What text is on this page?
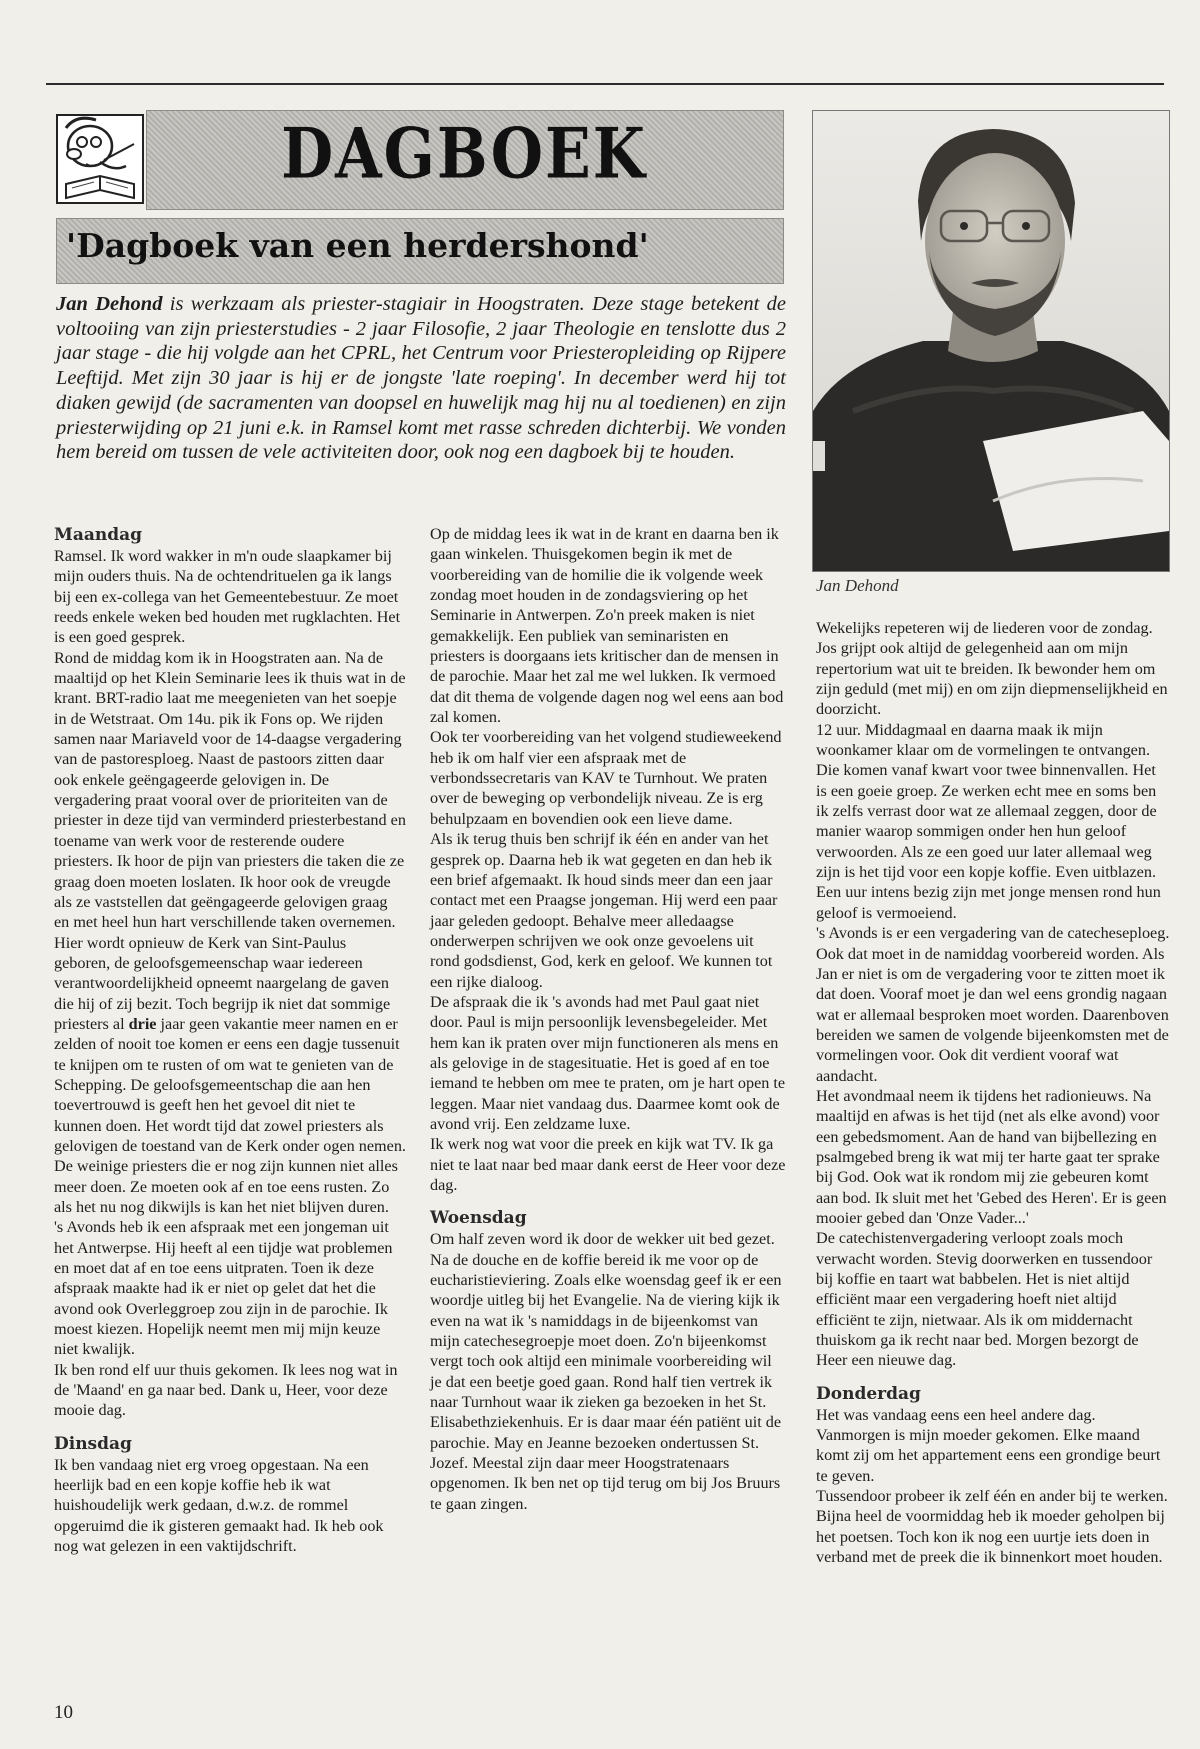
DAGBOEK
'Dagboek van een herdershond'
Jan Dehond
Jan Dehond is werkzaam als priester-stagiair in Hoogstraten. Deze stage betekent de voltooiing van zijn priesterstudies - 2 jaar Filosofie, 2 jaar Theologie en tenslotte dus 2 jaar stage - die hij volgde aan het CPRL, het Centrum voor Priesteropleiding op Rijpere Leeftijd. Met zijn 30 jaar is hij er de jongste 'late roeping'. In december werd hij tot diaken gewijd (de sacramenten van doopsel en huwelijk mag hij nu al toedienen) en zijn priesterwijding op 21 juni e.k. in Ramsel komt met rasse schreden dichterbij. We vonden hem bereid om tussen de vele activiteiten door, ook nog een dagboek bij te houden.
Maandag

Ramsel. Ik word wakker in m'n oude slaapkamer bij mijn ouders thuis. Na de ochtendrituelen ga ik langs bij een ex-collega van het Gemeentebestuur. Ze moet reeds enkele weken bed houden met rugklachten. Het is een goed gesprek.

Rond de middag kom ik in Hoogstraten aan. Na de maaltijd op het Klein Seminarie lees ik thuis wat in de krant. BRT-radio laat me meegenieten van het soepje in de Wetstraat. Om 14u. pik ik Fons op. We rijden samen naar Mariaveld voor de 14-daagse vergadering van de pastoresploeg. Naast de pastoors zitten daar ook enkele geëngageerde gelovigen in. De vergadering praat vooral over de prioriteiten van de priester in deze tijd van verminderd priesterbestand en toename van werk voor de resterende oudere priesters. Ik hoor de pijn van priesters die taken die ze graag doen moeten loslaten. Ik hoor ook de vreugde als ze vaststellen dat geëngageerde gelovigen graag en met heel hun hart verschillende taken overnemen. Hier wordt opnieuw de Kerk van Sint-Paulus geboren, de geloofsgemeenschap waar iedereen verantwoordelijkheid opneemt naargelang de gaven die hij of zij bezit. Toch begrijp ik niet dat sommige priesters al drie jaar geen vakantie meer namen en er zelden of nooit toe komen er eens een dagje tussenuit te knijpen om te rusten of om wat te genieten van de Schepping. De geloofsgemeentschap die aan hen toevertrouwd is geeft hen het gevoel dit niet te kunnen doen. Het wordt tijd dat zowel priesters als gelovigen de toestand van de Kerk onder ogen nemen. De weinige priesters die er nog zijn kunnen niet alles meer doen. Ze moeten ook af en toe eens rusten. Zo als het nu nog dikwijls is kan het niet blijven duren.

's Avonds heb ik een afspraak met een jongeman uit het Antwerpse. Hij heeft al een tijdje wat problemen en moet dat af en toe eens uitpraten. Toen ik deze afspraak maakte had ik er niet op gelet dat het die avond ook Overleggroep zou zijn in de parochie. Ik moest kiezen. Hopelijk neemt men mij mijn keuze niet kwalijk.

Ik ben rond elf uur thuis gekomen. Ik lees nog wat in de 'Maand' en ga naar bed. Dank u, Heer, voor deze mooie dag.

Dinsdag

Ik ben vandaag niet erg vroeg opgestaan. Na een heerlijk bad en een kopje koffie heb ik wat huishoudelijk werk gedaan, d.w.z. de rommel opgeruimd die ik gisteren gemaakt had. Ik heb ook nog wat gelezen in een vaktijdschrift.

Op de middag lees ik wat in de krant en daarna ben ik gaan winkelen. Thuisgekomen begin ik met de voorbereiding van de homilie die ik volgende week zondag moet houden in de zondagsviering op het Seminarie in Antwerpen. Zo'n preek maken is niet gemakkelijk. Een publiek van seminaristen en priesters is doorgaans iets kritischer dan de mensen in de parochie. Maar het zal me wel lukken. Ik vermoed dat dit thema de volgende dagen nog wel eens aan bod zal komen.

Ook ter voorbereiding van het volgend studieweekend heb ik om half vier een afspraak met de verbondssecretaris van KAV te Turnhout. We praten over de beweging op verbondelijk niveau. Ze is erg behulpzaam en bovendien ook een lieve dame.

Als ik terug thuis ben schrijf ik één en ander van het gesprek op. Daarna heb ik wat gegeten en dan heb ik een brief afgemaakt. Ik houd sinds meer dan een jaar contact met een Praagse jongeman. Hij werd een paar jaar geleden gedoopt. Behalve meer alledaagse onderwerpen schrijven we ook onze gevoelens uit rond godsdienst, God, kerk en geloof. We kunnen tot een rijke dialoog.

De afspraak die ik 's avonds had met Paul gaat niet door. Paul is mijn persoonlijk levensbegeleider. Met hem kan ik praten over mijn functioneren als mens en als gelovige in de stagesituatie. Het is goed af en toe iemand te hebben om mee te praten, om je hart open te leggen. Maar niet vandaag dus. Daarmee komt ook de avond vrij. Een zeldzame luxe.

Ik werk nog wat voor die preek en kijk wat TV. Ik ga niet te laat naar bed maar dank eerst de Heer voor deze dag.

Woensdag

Om half zeven word ik door de wekker uit bed gezet. Na de douche en de koffie bereid ik me voor op de eucharistieviering. Zoals elke woensdag geef ik er een woordje uitleg bij het Evangelie. Na de viering kijk ik even na wat ik 's namiddags in de bijeenkomst van mijn catechesegroepje moet doen. Zo'n bijeenkomst vergt toch ook altijd een minimale voorbereiding wil je dat een beetje goed gaan. Rond half tien vertrek ik naar Turnhout waar ik zieken ga bezoeken in het St. Elisabethziekenhuis. Er is daar maar één patiënt uit de parochie. May en Jeanne bezoeken ondertussen St. Jozef. Meestal zijn daar meer Hoogstratenaars opgenomen. Ik ben net op tijd terug om bij Jos Bruurs te gaan zingen.

Wekelijks repeteren wij de liederen voor de zondag. Jos grijpt ook altijd de gelegenheid aan om mijn repertorium wat uit te breiden. Ik bewonder hem om zijn geduld (met mij) en om zijn diepmenselijkheid en doorzicht.

12 uur. Middagmaal en daarna maak ik mijn woonkamer klaar om de vormelingen te ontvangen. Die komen vanaf kwart voor twee binnenvallen. Het is een goeie groep. Ze werken echt mee en soms ben ik zelfs verrast door wat ze allemaal zeggen, door de manier waarop sommigen onder hen hun geloof verwoorden. Als ze een goed uur later allemaal weg zijn is het tijd voor een kopje koffie. Even uitblazen. Een uur intens bezig zijn met jonge mensen rond hun geloof is vermoeiend.

's Avonds is er een vergadering van de catecheseploeg. Ook dat moet in de namiddag voorbereid worden. Als Jan er niet is om de vergadering voor te zitten moet ik dat doen. Vooraf moet je dan wel eens grondig nagaan wat er allemaal besproken moet worden. Daarenboven bereiden we samen de volgende bijeenkomsten met de vormelingen voor. Ook dit verdient vooraf wat aandacht.

Het avondmaal neem ik tijdens het radionieuws. Na maaltijd en afwas is het tijd (net als elke avond) voor een gebedsmoment. Aan de hand van bijbellezing en psalmgebed breng ik wat mij ter harte gaat ter sprake bij God. Ook wat ik rondom mij zie gebeuren komt aan bod. Ik sluit met het 'Gebed des Heren'. Er is geen mooier gebed dan 'Onze Vader...'

De catechistenvergadering verloopt zoals moch verwacht worden. Stevig doorwerken en tussendoor bij koffie en taart wat babbelen. Het is niet altijd efficiënt maar een vergadering hoeft niet altijd efficiënt te zijn, nietwaar. Als ik om middernacht thuiskom ga ik recht naar bed. Morgen bezorgt de Heer een nieuwe dag.

Donderdag

Het was vandaag eens een heel andere dag. Vanmorgen is mijn moeder gekomen. Elke maand komt zij om het appartement eens een grondige beurt te geven.

Tussendoor probeer ik zelf één en ander bij te werken. Bijna heel de voormiddag heb ik moeder geholpen bij het poetsen. Toch kon ik nog een uurtje iets doen in verband met de preek die ik binnenkort moet houden.

10
